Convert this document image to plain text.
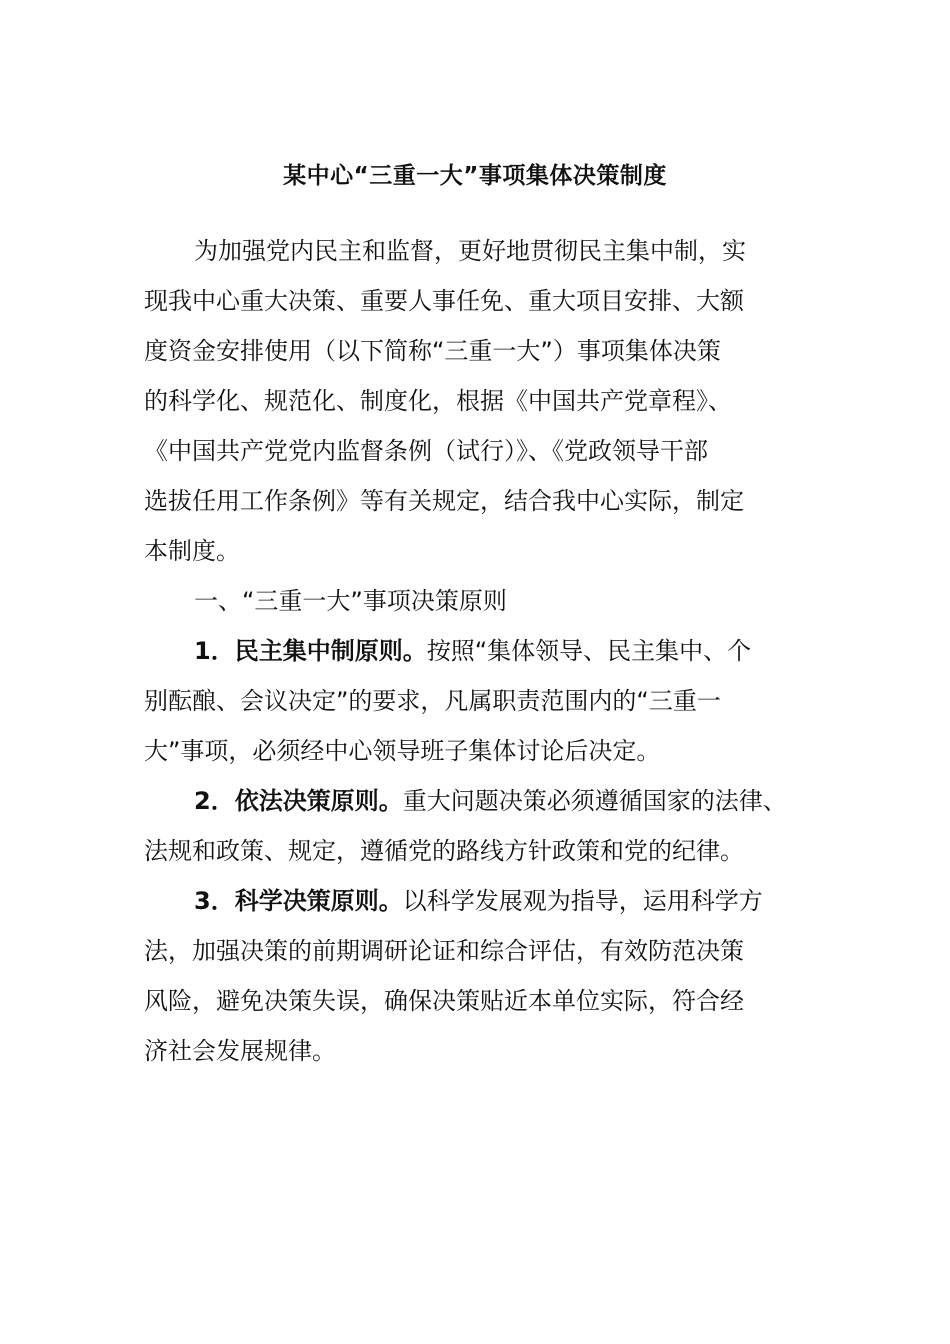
某中心“三重一大”事项集体决策制度
为加强党内民主和监督，更好地贯彻民主集中制，实
现我中心重大决策、重要人事任免、重大项目安排、大额
度资金安排使用（以下简称“三重一大”）事项集体决策
的科学化、规范化、制度化，根据《中国共产党章程》、
《中国共产党党内监督条例（试行）》、《党政领导干部
选拔任用工作条例》等有关规定，结合我中心实际，制定
本制度。
一、“三重一大”事项决策原则
1．民主集中制原则。按照“集体领导、民主集中、个
别酝酿、会议决定”的要求，凡属职责范围内的“三重一
大”事项，必须经中心领导班子集体讨论后决定。
2．依法决策原则。重大问题决策必须遵循国家的法律、
法规和政策、规定，遵循党的路线方针政策和党的纪律。
3．科学决策原则。以科学发展观为指导，运用科学方
法，加强决策的前期调研论证和综合评估，有效防范决策
风险，避免决策失误，确保决策贴近本单位实际，符合经
济社会发展规律。
